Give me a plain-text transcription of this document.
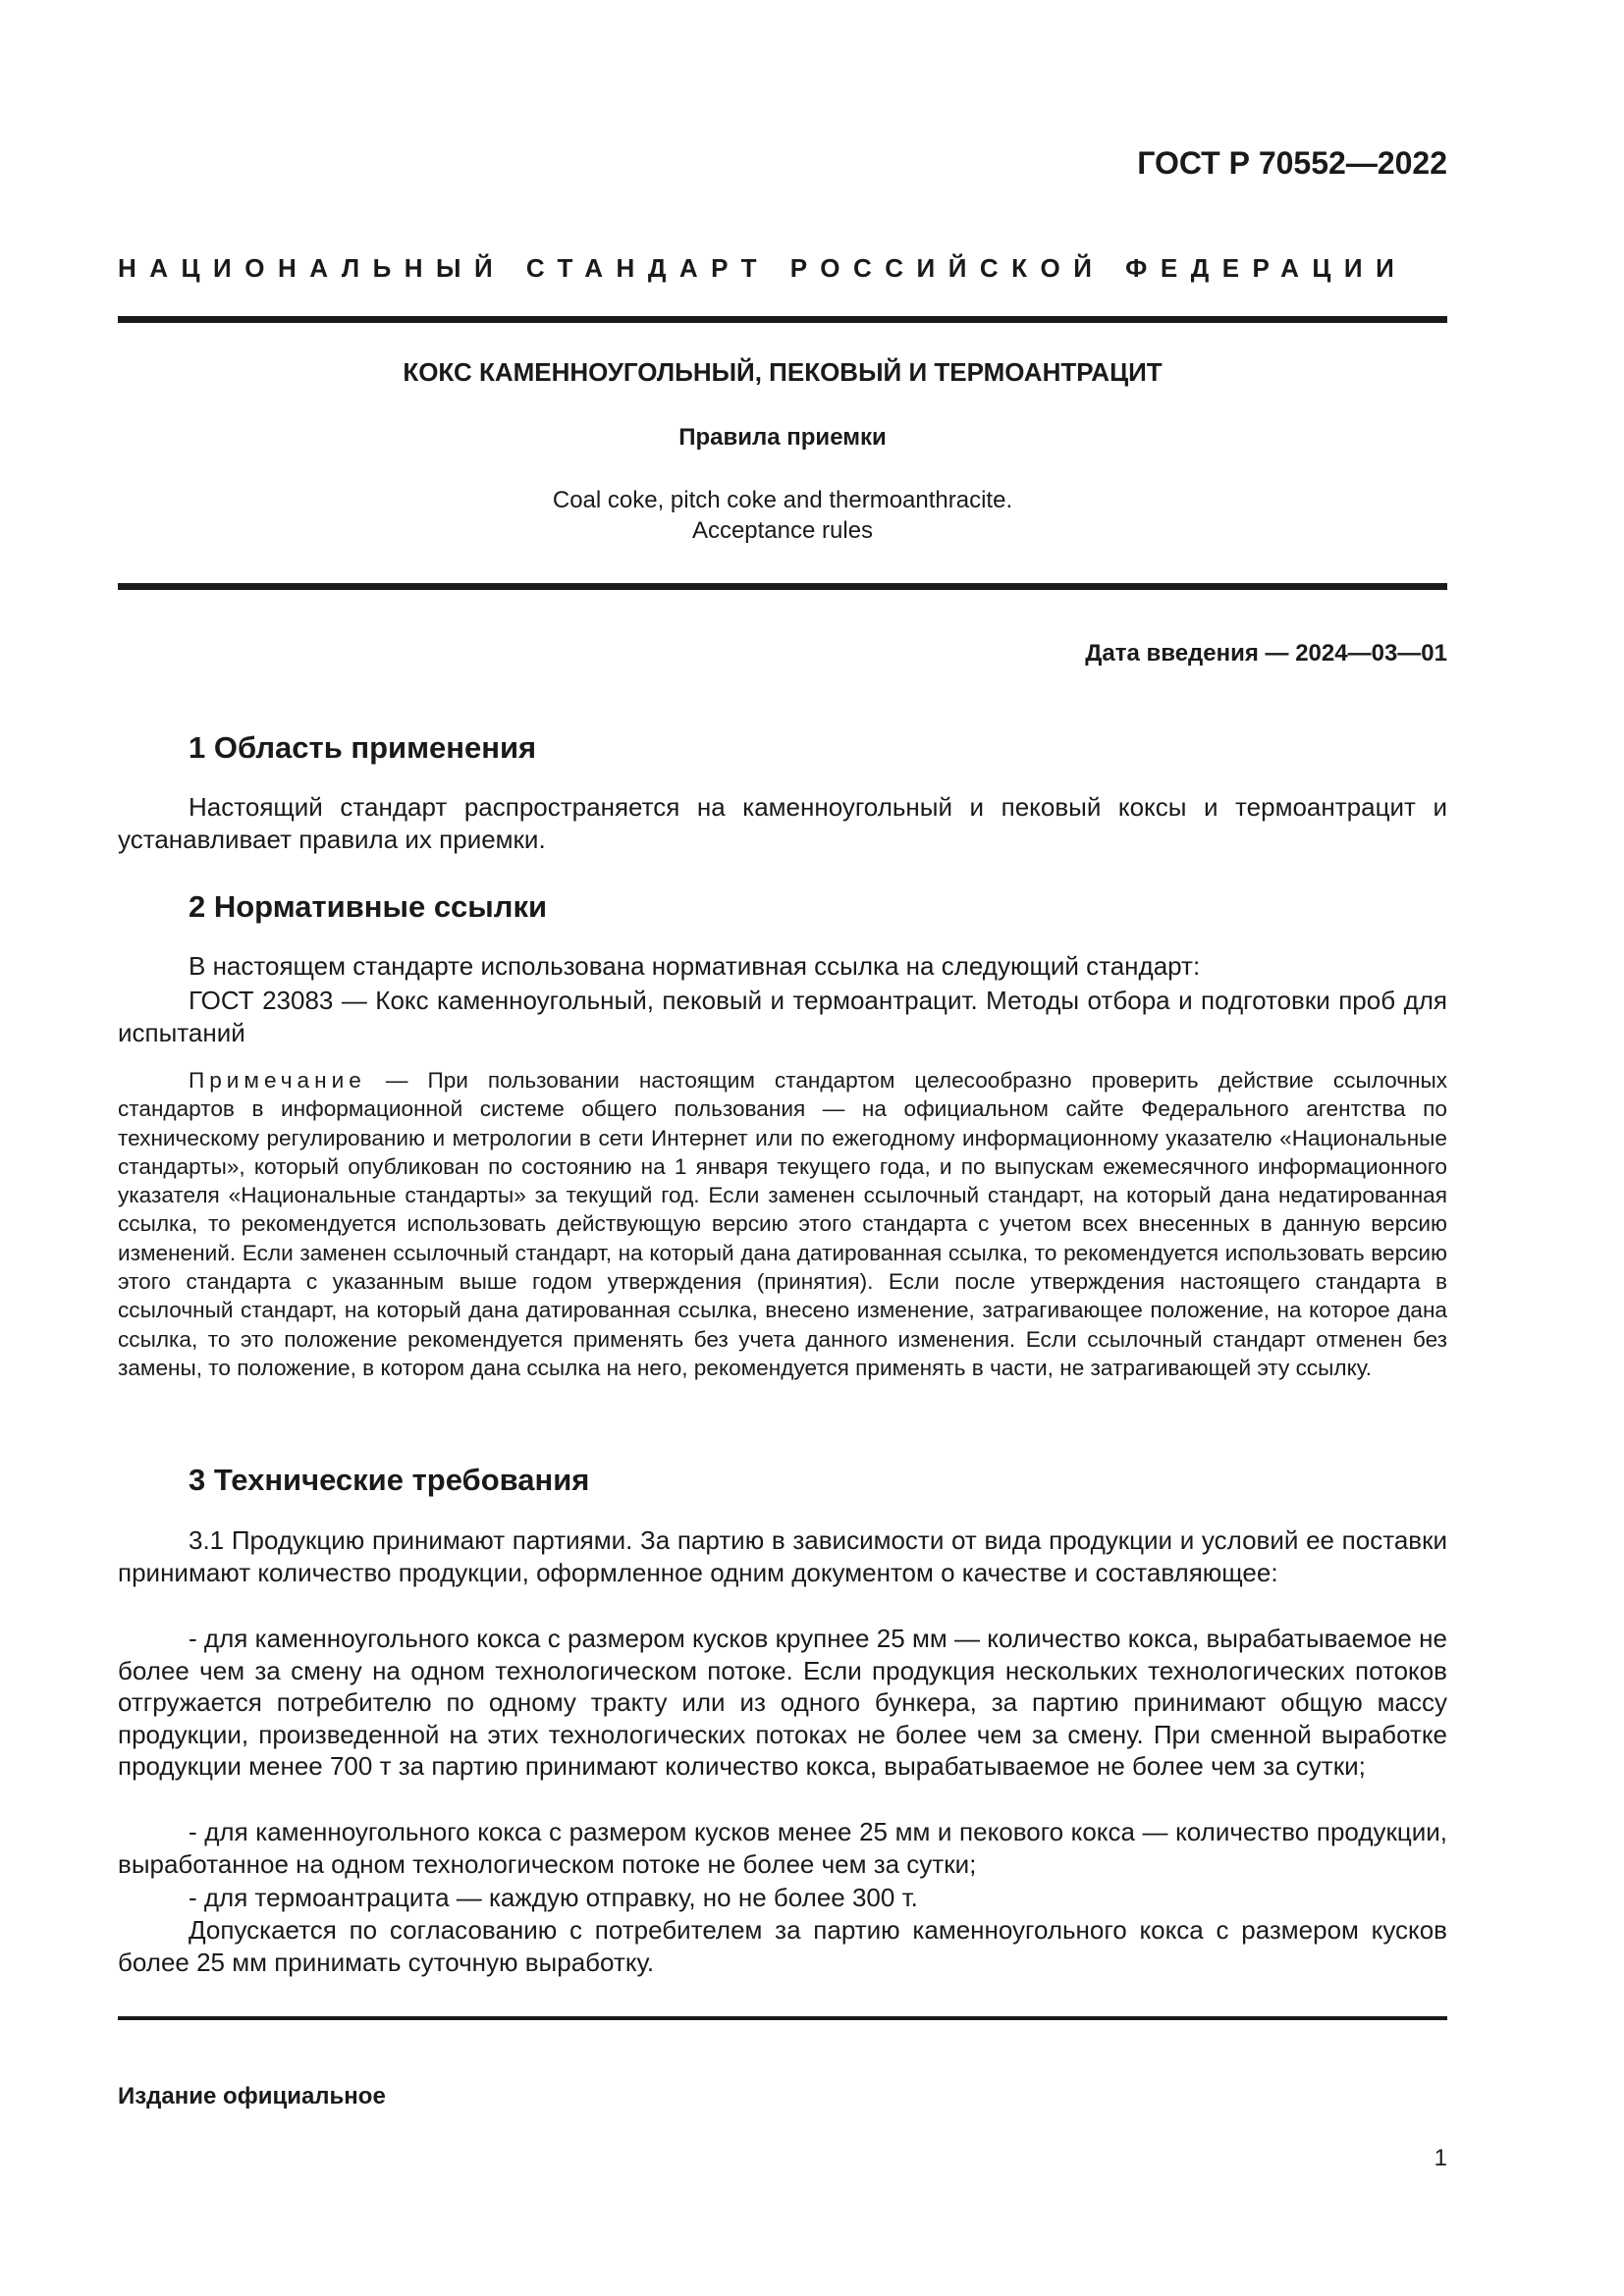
ГОСТ Р 70552—2022

НАЦИОНАЛЬНЫЙ СТАНДАРТ РОССИЙСКОЙ ФЕДЕРАЦИИ

КОКС КАМЕННОУГОЛЬНЫЙ, ПЕКОВЫЙ И ТЕРМОАНТРАЦИТ

Правила приемки

Coal coke, pitch coke and thermoanthracite.
Acceptance rules

Дата введения — 2024—03—01

1 Область применения

Настоящий стандарт распространяется на каменноугольный и пековый коксы и термоантрацит и устанавливает правила их приемки.

2 Нормативные ссылки

В настоящем стандарте использована нормативная ссылка на следующий стандарт:

ГОСТ 23083 — Кокс каменноугольный, пековый и термоантрацит. Методы отбора и подготовки проб для испытаний

Примечание — При пользовании настоящим стандартом целесообразно проверить действие ссылочных стандартов в информационной системе общего пользования — на официальном сайте Федерального агентства по техническому регулированию и метрологии в сети Интернет или по ежегодному информационному указателю «Национальные стандарты», который опубликован по состоянию на 1 января текущего года, и по выпускам ежемесячного информационного указателя «Национальные стандарты» за текущий год. Если заменен ссылочный стандарт, на который дана недатированная ссылка, то рекомендуется использовать действующую версию этого стандарта с учетом всех внесенных в данную версию изменений. Если заменен ссылочный стандарт, на который дана датированная ссылка, то рекомендуется использовать версию этого стандарта с указанным выше годом утверждения (принятия). Если после утверждения настоящего стандарта в ссылочный стандарт, на который дана датированная ссылка, внесено изменение, затрагивающее положение, на которое дана ссылка, то это положение рекомендуется применять без учета данного изменения. Если ссылочный стандарт отменен без замены, то положение, в котором дана ссылка на него, рекомендуется применять в части, не затрагивающей эту ссылку.

3 Технические требования

3.1 Продукцию принимают партиями. За партию в зависимости от вида продукции и условий ее поставки принимают количество продукции, оформленное одним документом о качестве и составляющее:

- для каменноугольного кокса с размером кусков крупнее 25 мм — количество кокса, вырабатываемое не более чем за смену на одном технологическом потоке. Если продукция нескольких технологических потоков отгружается потребителю по одному тракту или из одного бункера, за партию принимают общую массу продукции, произведенной на этих технологических потоках не более чем за смену. При сменной выработке продукции менее 700 т за партию принимают количество кокса, вырабатываемое не более чем за сутки;

- для каменноугольного кокса с размером кусков менее 25 мм и пекового кокса — количество продукции, выработанное на одном технологическом потоке не более чем за сутки;

- для термоантрацита — каждую отправку, но не более 300 т.

Допускается по согласованию с потребителем за партию каменноугольного кокса с размером кусков более 25 мм принимать суточную выработку.

Издание официальное

1
